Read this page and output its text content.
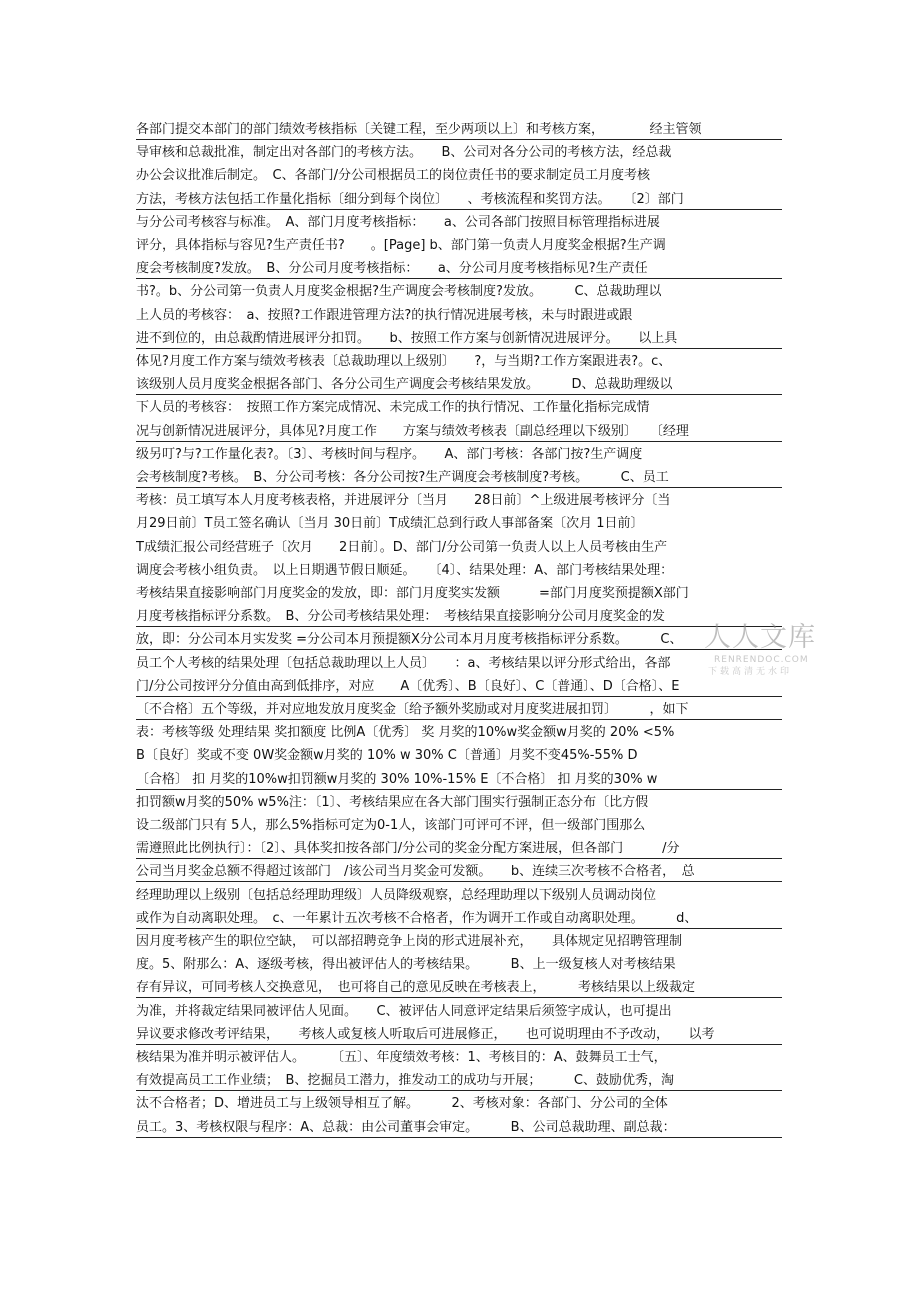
各部门提交本部门的部门绩效考核指标〔关键工程，至少两项以上〕和考核方案，　　　　经主管领
导审核和总裁批准，制定出对各部门的考核方法。　　B、公司对各分公司的考核方法，经总裁
办公会议批准后制定。　C、各部门/分公司根据员工的岗位责任书的要求制定员工月度考核
方法，考核方法包括工作量化指标〔细分到每个岗位〕　　、考核流程和奖罚方法。　　〔2〕部门
与分公司考核容与标准。　A、部门月度考核指标：　　a、公司各部门按照目标管理指标进展
评分，具体指标与容见?生产责任书?　　。[Page] b、部门第一负责人月度奖金根据?生产调
度会考核制度?发放。　B、分公司月度考核指标：　　a、分公司月度考核指标见?生产责任
书?。b、分公司第一负责人月度奖金根据?生产调度会考核制度?发放。　　　C、总裁助理以
上人员的考核容：　a、按照?工作跟进管理方法?的执行情况进展考核，未与时跟进或跟
进不到位的，由总裁酌情进展评分扣罚。　　b、按照工作方案与创新情况进展评分。　　以上具
体见?月度工作方案与绩效考核表〔总裁助理以上级别〕　　?，与当期?工作方案跟进表?。c、
该级别人员月度奖金根据各部门、各分公司生产调度会考核结果发放。　　　D、总裁助理级以
下人员的考核容：　按照工作方案完成情况、未完成工作的执行情况、工作量化指标完成情
况与创新情况进展评分，具体见?月度工作　　方案与绩效考核表〔副总经理以下级别〕　　〔经理
级另叮?与?工作量化表?。〔3〕、考核时间与程序。　　A、部门考核：各部门按?生产调度
会考核制度?考核。　B、分公司考核：各分公司按?生产调度会考核制度?考核。　　　C、员工
考核：员工填写本人月度考核表格，并进展评分〔当月　　28日前〕^上级进展考核评分〔当
月29日前〕T员工签名确认〔当月 30日前〕T成绩汇总到行政人事部备案〔次月 1日前〕
T成绩汇报公司经营班子〔次月　　2日前〕。D、部门/分公司第一负责人以上人员考核由生产
调度会考核小组负责。　以上日期遇节假日顺延。　　〔4〕、结果处理：A、部门考核结果处理：
考核结果直接影响部门月度奖金的发放，即：部门月度奖实发额　　　=部门月度奖预提额X部门
月度考核指标评分系数。　B、分公司考核结果处理：　考核结果直接影响分公司月度奖金的发
放，即：分公司本月实发奖 =分公司本月预提额X分公司本月月度考核指标评分系数。　　　C、
员工个人考核的结果处理〔包括总裁助理以上人员〕　　：a、考核结果以评分形式给出，各部
门/分公司按评分分值由高到低排序，对应　　A〔优秀〕、B〔良好〕、C〔普通〕、D〔合格〕、E
〔不合格〕五个等级，并对应地发放月度奖金〔给予额外奖励或对月度奖进展扣罚〕　　　，如下
表：考核等级 处理结果 奖扣额度 比例A〔优秀〕 奖 月奖的10%w奖金额w月奖的 20% <5%
B〔良好〕奖或不变 0W奖金额w月奖的 10% w 30% C〔普通〕月奖不变45%-55% D
〔合格〕 扣 月奖的10%w扣罚额w月奖的 30% 10%-15% E〔不合格〕 扣 月奖的30% w
扣罚额w月奖的50% w5%注：〔1〕、考核结果应在各大部门围实行强制正态分布〔比方假
设二级部门只有 5人，那么5%指标可定为0-1人，该部门可评可不评，但一级部门围那么
需遵照此比例执行〕：〔2〕、具体奖扣按各部门/分公司的奖金分配方案进展，但各部门　　　/分
公司当月奖金总额不得超过该部门　/该公司当月奖金可发额。　　b、连续三次考核不合格者，　总
经理助理以上级别〔包括总经理助理级〕人员降级观察，总经理助理以下级别人员调动岗位
或作为自动离职处理。　c、一年累计五次考核不合格者，作为调开工作或自动离职处理。　　　d、
因月度考核产生的职位空缺，　可以部招聘竞争上岗的形式进展补充，　　具体规定见招聘管理制
度。5、附那么：A、逐级考核，得出被评估人的考核结果。　　　B、上一级复核人对考核结果
存有异议，可同考核人交换意见，　也可将自己的意见反映在考核表上，　　　考核结果以上级裁定
为准，并将裁定结果同被评估人见面。　　C、被评估人同意评定结果后须签字成认，也可提出
异议要求修改考评结果，　　考核人或复核人听取后可进展修正，　　也可说明理由不予改动，　　以考
核结果为准并明示被评估人。　　　〔五〕、年度绩效考核：1、考核目的：A、鼓舞员工士气，
有效提高员工工作业绩；　B、挖掘员工潜力，推发动工的成功与开展；　　　C、鼓励优秀，淘
汰不合格者；D、增进员工与上级领导相互了解。　　　2、考核对象：各部门、分公司的全体
员工。3、考核权限与程序：A、总裁：由公司董事会审定。　　　B、公司总裁助理、副总裁：
人人文库
RENRENDOC.COM
下载高清无水印
